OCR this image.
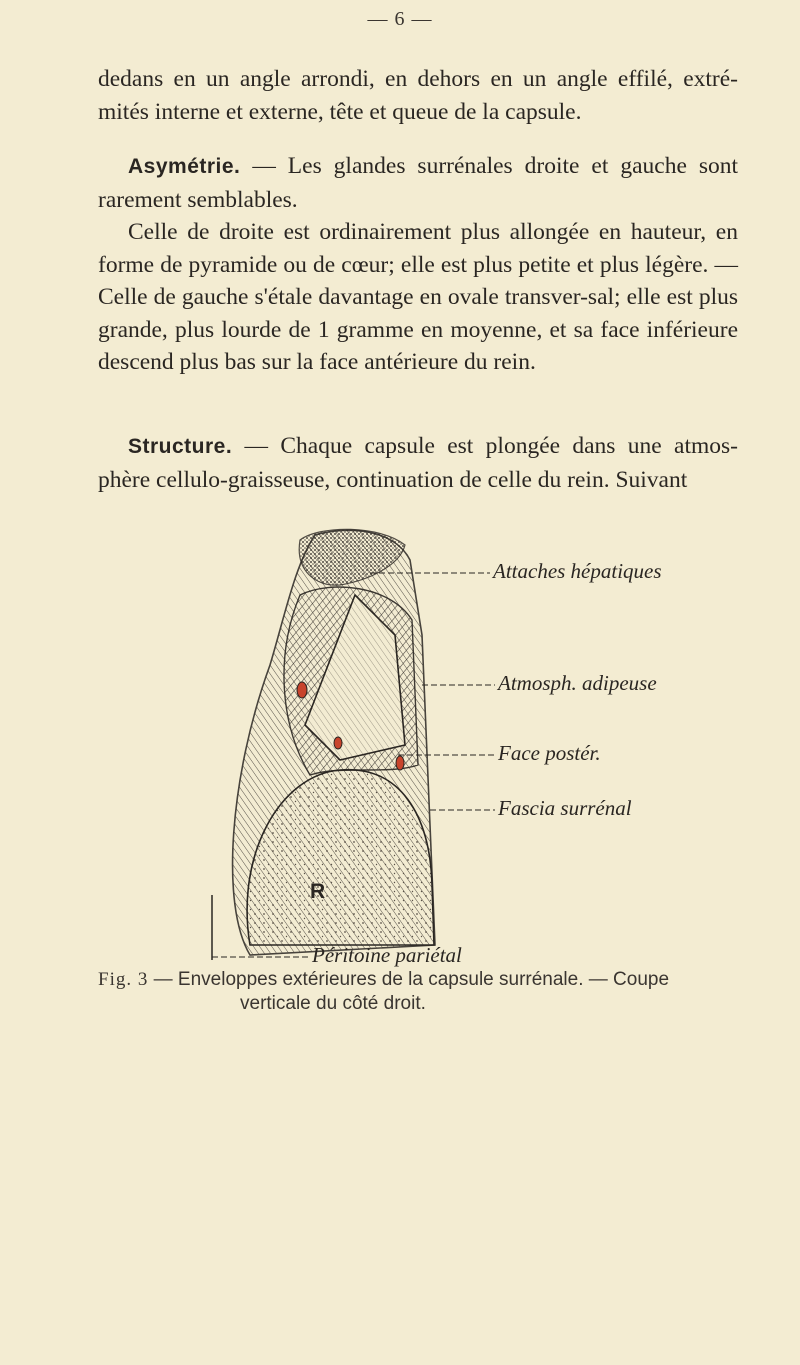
— 6 —

dedans en un angle arrondi, en dehors en un angle effilé, extré-mités interne et externe, tête et queue de la capsule.

Asymétrie. — Les glandes surrénales droite et gauche sont rarement semblables.

Celle de droite est ordinairement plus allongée en hauteur, en forme de pyramide ou de cœur; elle est plus petite et plus légère. — Celle de gauche s'étale davantage en ovale transver-sal; elle est plus grande, plus lourde de 1 gramme en moyenne, et sa face inférieure descend plus bas sur la face antérieure du rein.

Structure. — Chaque capsule est plongée dans une atmos-phère cellulo-graisseuse, continuation de celle du rein. Suivant

Attaches hépatiques
Atmosph. adipeuse
Face postér.
Fascia surrénal
Péritoine pariétal
R
Fig. 3 — Enveloppes extérieures de la capsule surrénale. — Coupe
verticale du côté droit.
